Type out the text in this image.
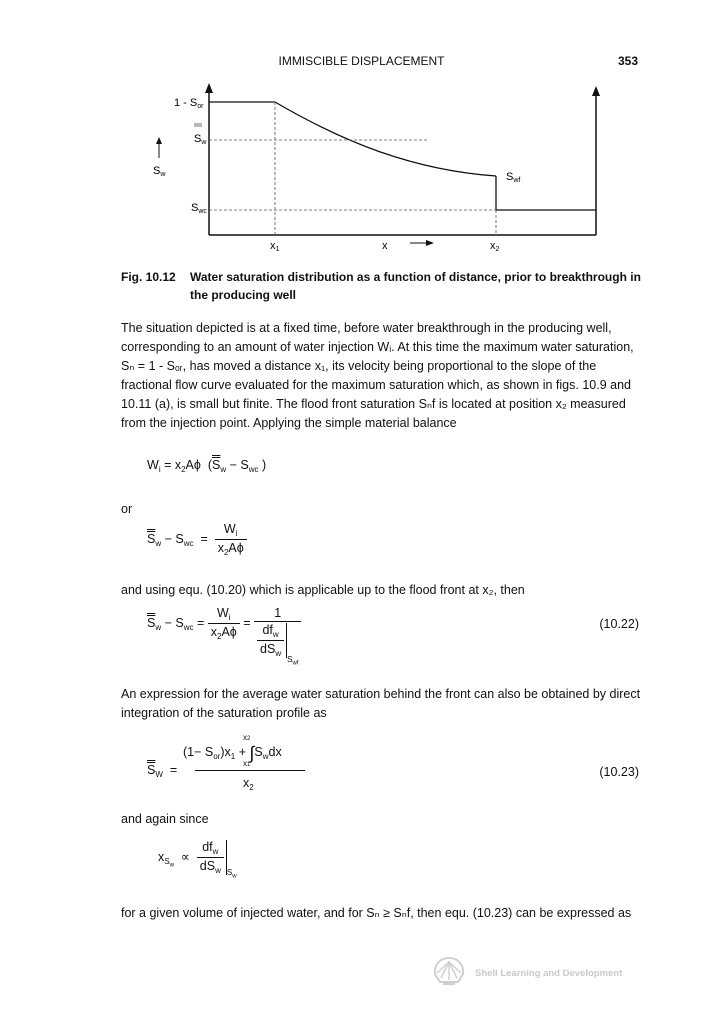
IMMISCIBLE DISPLACEMENT	353
1 - Sor
Sw
Sw
Swc
Swf
x1	x	x2
Fig. 10.12 Water saturation distribution as a function of distance, prior to breakthrough in the producing well
The situation depicted is at a fixed time, before water breakthrough in the producing well, corresponding to an amount of water injection Wᵢ. At this time the maximum water saturation, Sₙ = 1 - Sₒᵣ, has moved a distance x₁, its velocity being proportional to the slope of the fractional flow curve evaluated for the maximum saturation which, as shown in figs. 10.9 and 10.11 (a), is small but finite. The flood front saturation Sₙf is located at position x₂ measured from the injection point. Applying the simple material balance
$W_i = x_2A\phi$  ($S_w - S_{wc}$ )
or
$S_w - S_{wc} = \frac{W_i}{x_2A\phi}$
and using equ. (10.20) which is applicable up to the flood front at x₂, then
$S_w - S_{wc} = \frac{W_i}{x_2A\phi} = 1$
$\frac{df_w}{dS_w}$
$_{S_{wf}}$	(10.22)
An expression for the average water saturation behind the front can also be obtained by direct integration of the saturation profile as
x2
$(1- S_{or})x_1 + \int S_wdx$
x1
$S_W$  =
$x_2$
(10.23)
and again since
$x_{S_w} \propto \frac{df_w}{dS_w} _{S_w}$
for a given volume of injected water, and for Sₙ ≥ Sₙf, then equ. (10.23) can be expressed as
Shell Learning and Development
